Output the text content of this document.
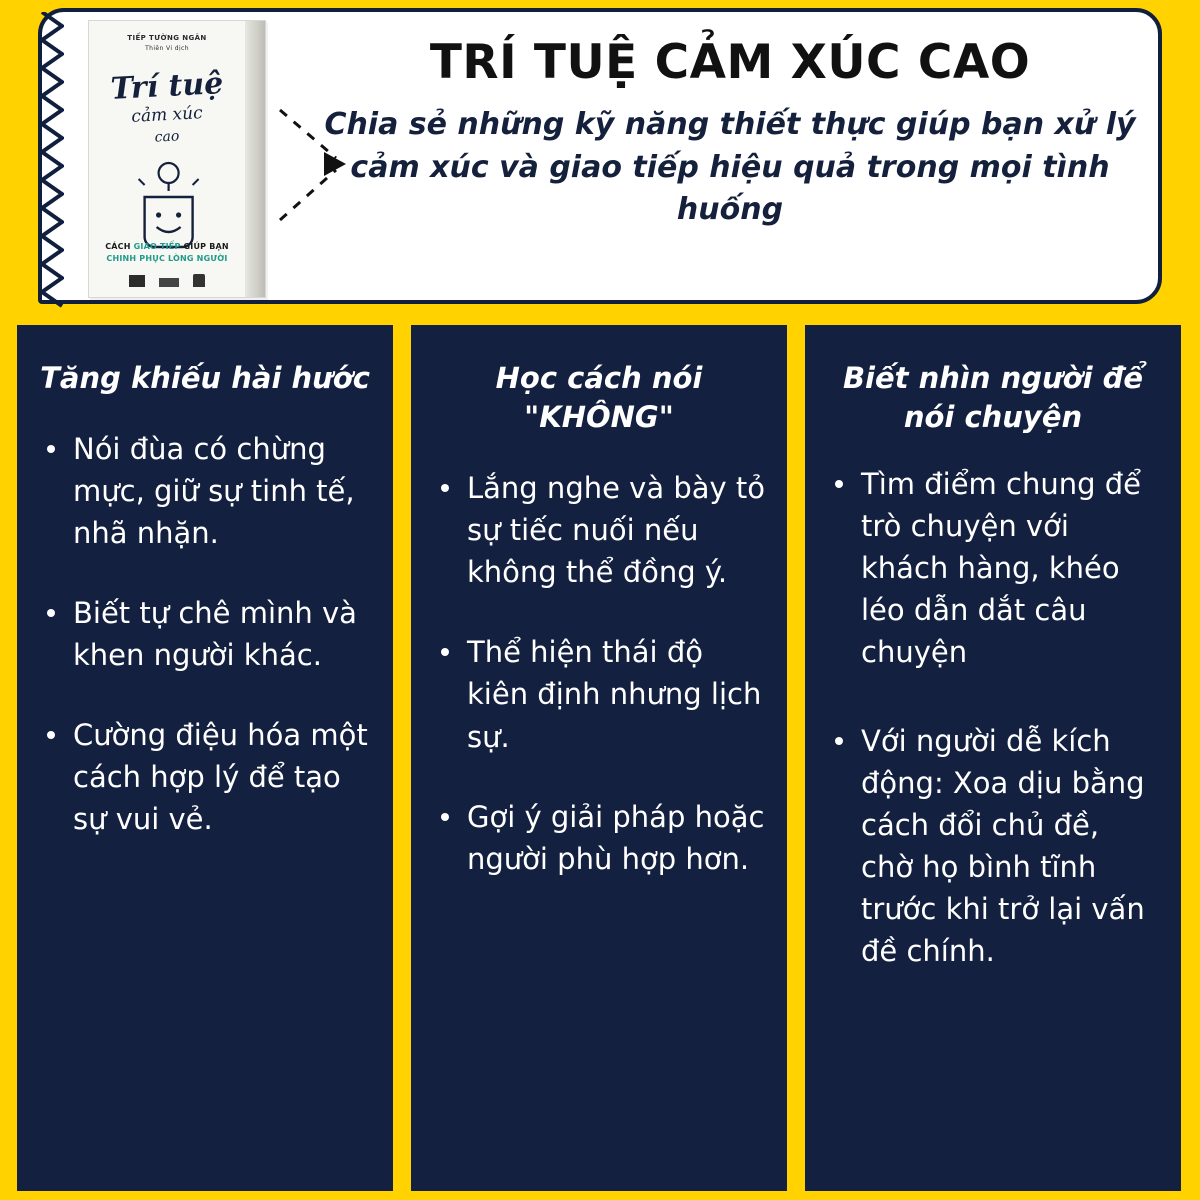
TIẾP TƯỜNG NGÂN
Thiên Vi dịch
Trí tuệ
cảm xúc
cao
CÁCH GIAO TIẾP GIÚP BẠN
CHINH PHỤC LÒNG NGƯỜI
TRÍ TUỆ CẢM XÚC CAO
Chia sẻ những kỹ năng thiết thực giúp bạn xử lý cảm xúc và giao tiếp hiệu quả trong mọi tình huống
Tăng khiếu hài hước
Nói đùa có chừng mực, giữ sự tinh tế, nhã nhặn.
Biết tự chê mình và khen người khác.
Cường điệu hóa một cách hợp lý để tạo sự vui vẻ.
Học cách nói "KHÔNG"
Lắng nghe và bày tỏ sự tiếc nuối nếu không thể đồng ý.
Thể hiện thái độ kiên định nhưng lịch sự.
Gợi ý giải pháp hoặc người phù hợp hơn.
Biết nhìn người để nói chuyện
Tìm điểm chung để trò chuyện với khách hàng, khéo léo dẫn dắt câu chuyện
Với người dễ kích động: Xoa dịu bằng cách đổi chủ đề, chờ họ bình tĩnh trước khi trở lại vấn đề chính.
